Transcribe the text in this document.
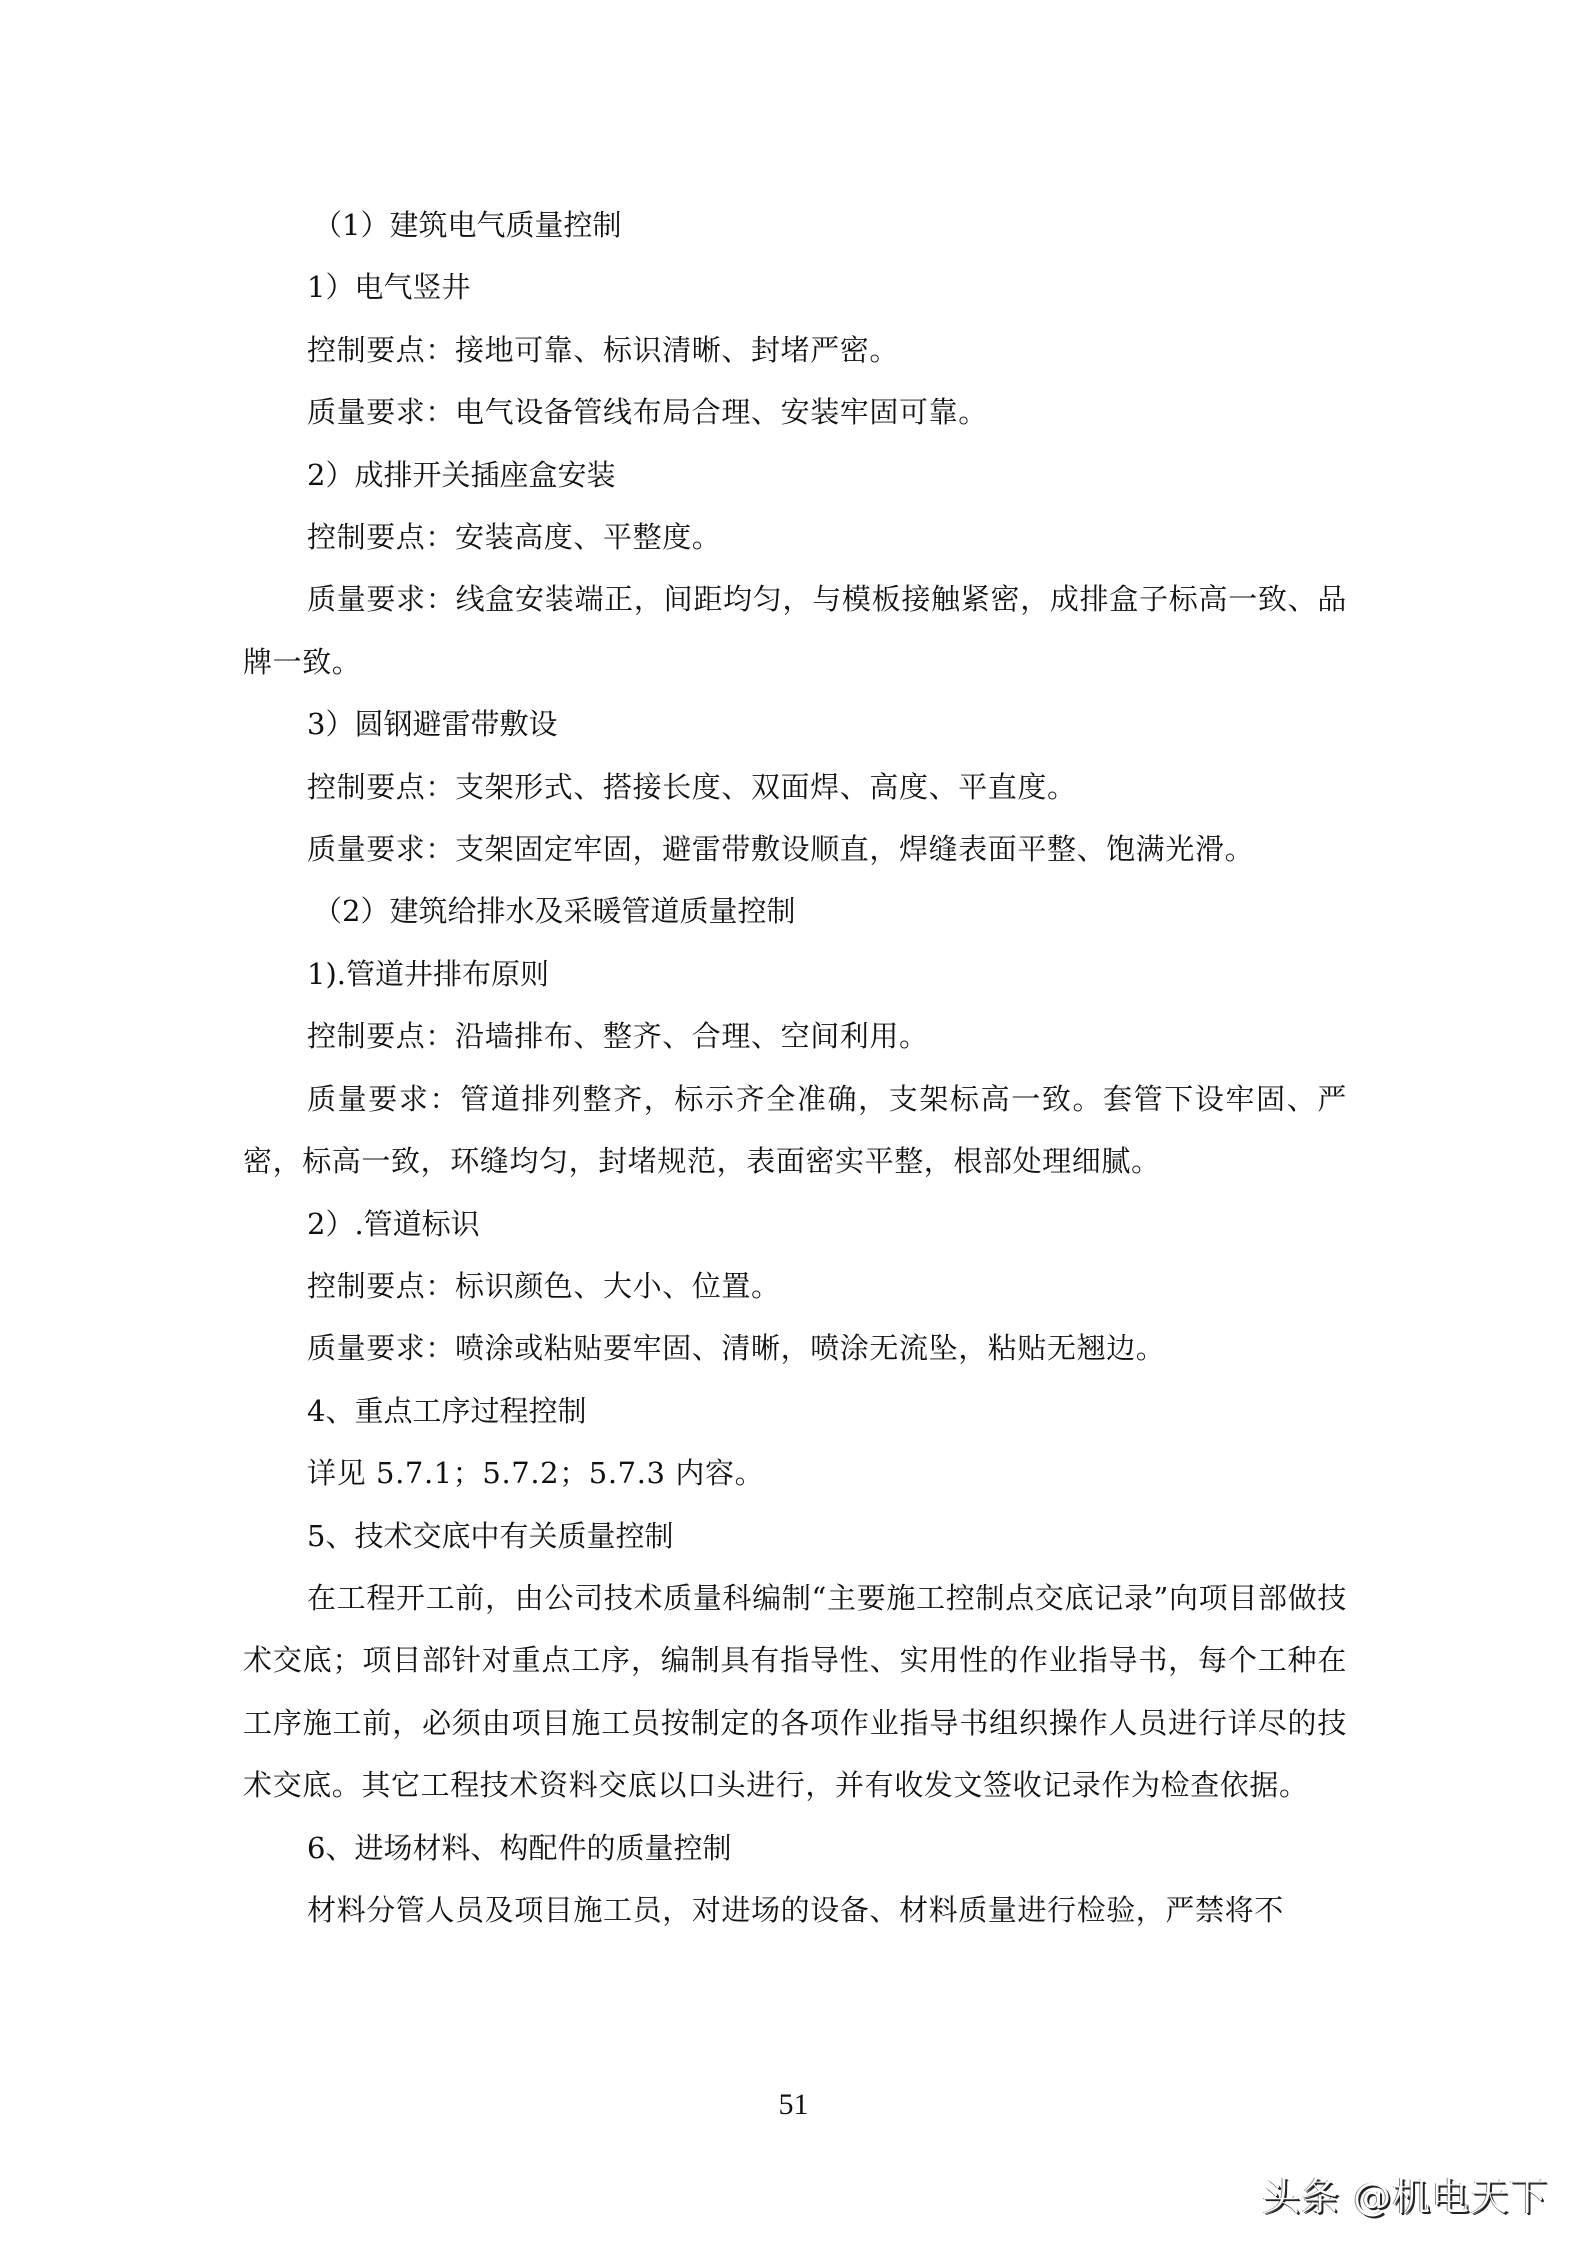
（1）建筑电气质量控制

1）电气竖井

控制要点：接地可靠、标识清晰、封堵严密。

质量要求：电气设备管线布局合理、安装牢固可靠。

2）成排开关插座盒安装

控制要点：安装高度、平整度。

质量要求：线盒安装端正，间距均匀，与模板接触紧密，成排盒子标高一致、品牌一致。

3）圆钢避雷带敷设

控制要点：支架形式、搭接长度、双面焊、高度、平直度。

质量要求：支架固定牢固，避雷带敷设顺直，焊缝表面平整、饱满光滑。

（2）建筑给排水及采暖管道质量控制

1).管道井排布原则

控制要点：沿墙排布、整齐、合理、空间利用。

质量要求：管道排列整齐，标示齐全准确，支架标高一致。套管下设牢固、严密，标高一致，环缝均匀，封堵规范，表面密实平整，根部处理细腻。

2）.管道标识

控制要点：标识颜色、大小、位置。

质量要求：喷涂或粘贴要牢固、清晰，喷涂无流坠，粘贴无翘边。

4、重点工序过程控制

详见 5.7.1；5.7.2；5.7.3 内容。

5、技术交底中有关质量控制

在工程开工前，由公司技术质量科编制“主要施工控制点交底记录”向项目部做技术交底；项目部针对重点工序，编制具有指导性、实用性的作业指导书，每个工种在工序施工前，必须由项目施工员按制定的各项作业指导书组织操作人员进行详尽的技术交底。其它工程技术资料交底以口头进行，并有收发文签收记录作为检查依据。

6、进场材料、构配件的质量控制

材料分管人员及项目施工员，对进场的设备、材料质量进行检验，严禁将不

51
头条 @机电天下
